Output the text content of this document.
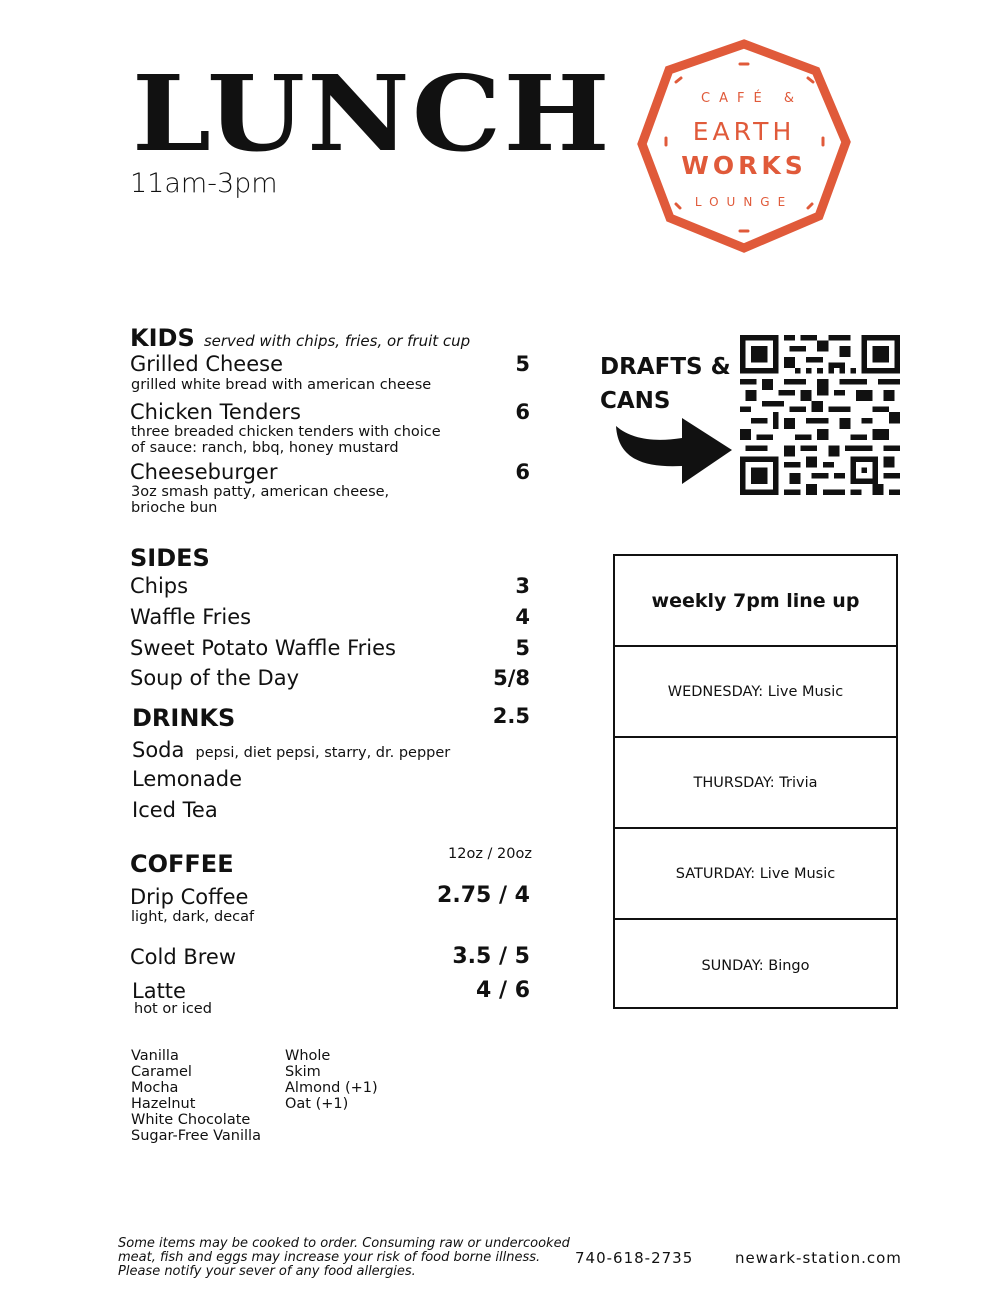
LUNCH
11am-3pm
CAFÉ &
EARTH
WORKS
LOUNGE
KIDS served with chips, fries, or fruit cup
Grilled Cheese	5
grilled white bread with american cheese
Chicken Tenders	6
three breaded chicken tenders with choice
of sauce: ranch, bbq, honey mustard
Cheeseburger	6
3oz smash patty, american cheese,
brioche bun
SIDES
Chips	3
Waffle Fries	4
Sweet Potato Waffle Fries	5
Soup of the Day	5/8
DRINKS	2.5
Soda pepsi, diet pepsi, starry, dr. pepper
Lemonade
Iced Tea
COFFEE	12oz / 20oz
Drip Coffee	2.75 / 4
light, dark, decaf
Cold Brew	3.5 / 5
Latte	4 / 6
hot or iced
Vanilla
Caramel
Mocha
Hazelnut
White Chocolate
Sugar-Free Vanilla
Whole
Skim
Almond (+1)
Oat (+1)
DRAFTS &
CANS
weekly 7pm line up
WEDNESDAY: Live Music
THURSDAY: Trivia
SATURDAY: Live Music
SUNDAY: Bingo
Some items may be cooked to order. Consuming raw or undercooked
meat, fish and eggs may increase your risk of food borne illness.
Please notify your sever of any food allergies.
740-618-2735	newark-station.com
